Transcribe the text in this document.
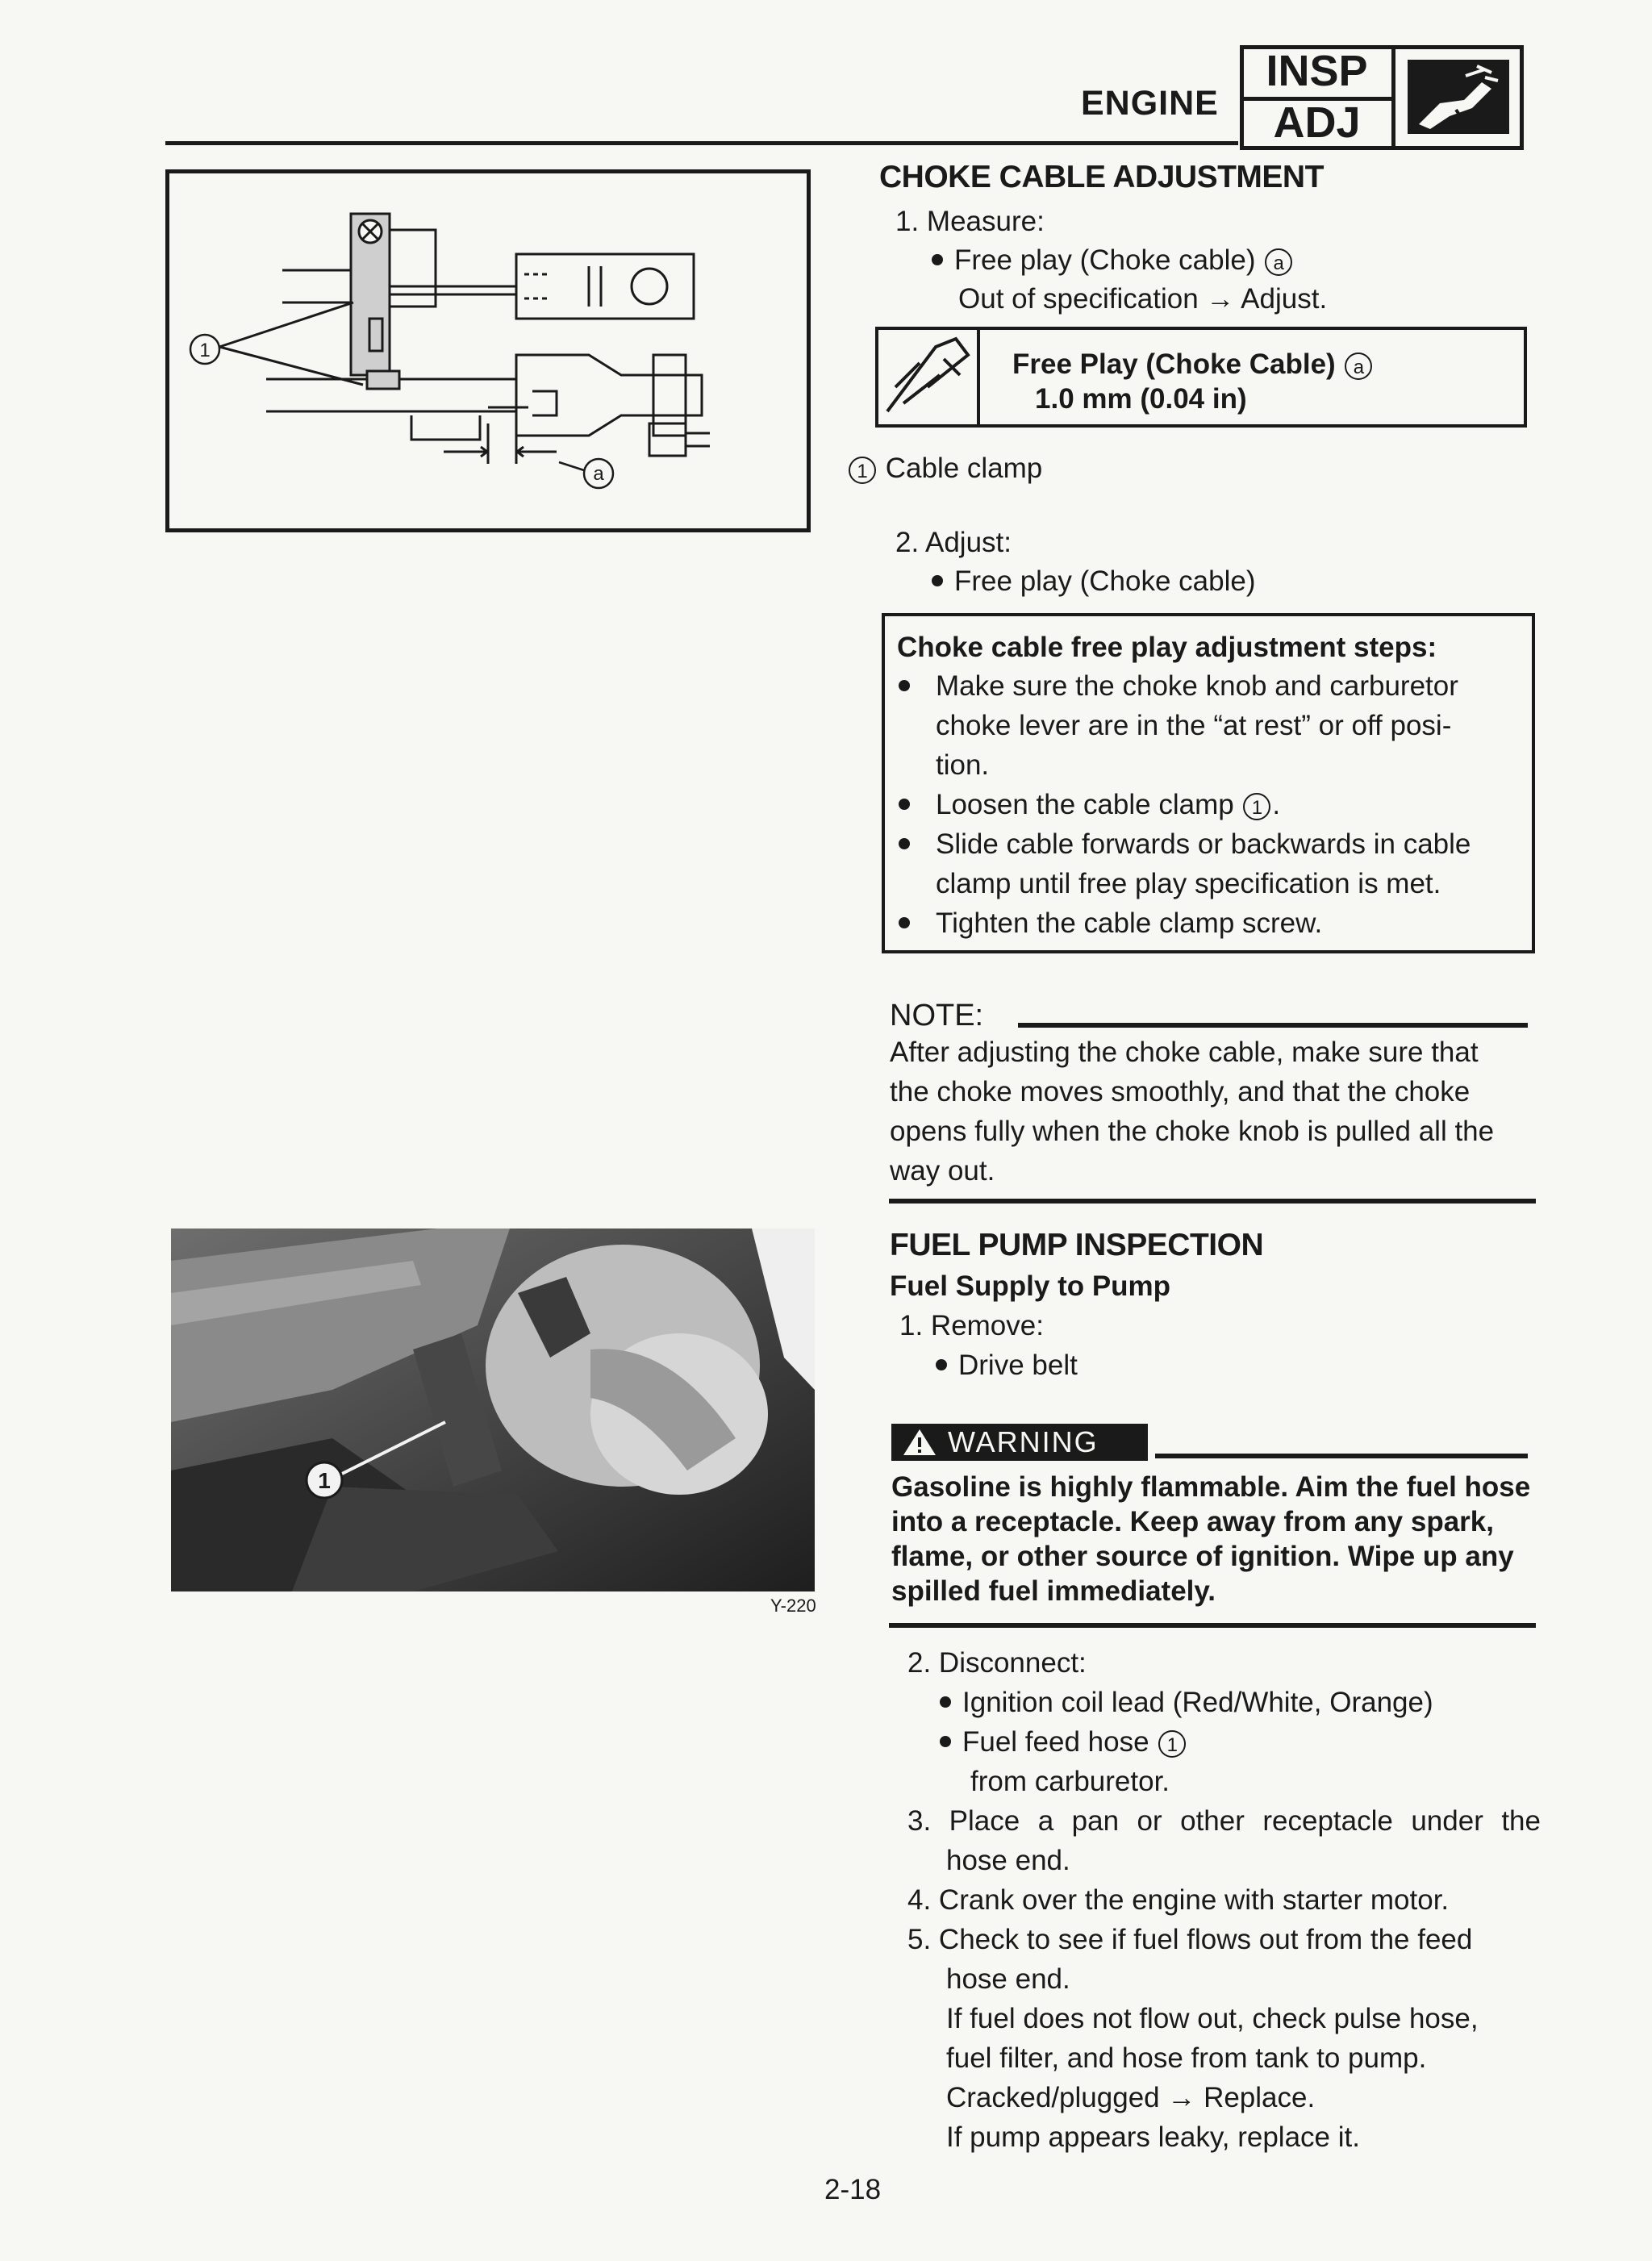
ENGINE
INSP
ADJ
1
a
CHOKE CABLE ADJUSTMENT
1. Measure:
Free play (Choke cable) a
Out of specification → Adjust.
Free Play (Choke Cable) a
1.0 mm (0.04 in)
1 Cable clamp
2. Adjust:
Free play (Choke cable)
Choke cable free play adjustment steps:
Make sure the choke knob and carburetor
choke lever are in the “at rest” or off posi-
tion.
Loosen the cable clamp 1 .
Slide cable forwards or backwards in cable
clamp until free play specification is met.
Tighten the cable clamp screw.
NOTE:
After adjusting the choke cable, make sure that
the choke moves smoothly, and that the choke
opens fully when the choke knob is pulled all the
way out.
1
Y-220
FUEL PUMP INSPECTION
Fuel Supply to Pump
1. Remove:
Drive belt
WARNING
Gasoline is highly flammable. Aim the fuel hose
into a receptacle. Keep away from any spark,
flame, or other source of ignition. Wipe up any
spilled fuel immediately.
2. Disconnect:
Ignition coil lead (Red/White, Orange)
Fuel feed hose 1
from carburetor.
3. Place a pan or other receptacle under the
hose end.
4. Crank over the engine with starter motor.
5. Check to see if fuel flows out from the feed
hose end.
If fuel does not flow out, check pulse hose,
fuel filter, and hose from tank to pump.
Cracked/plugged → Replace.
If pump appears leaky, replace it.
2-18
